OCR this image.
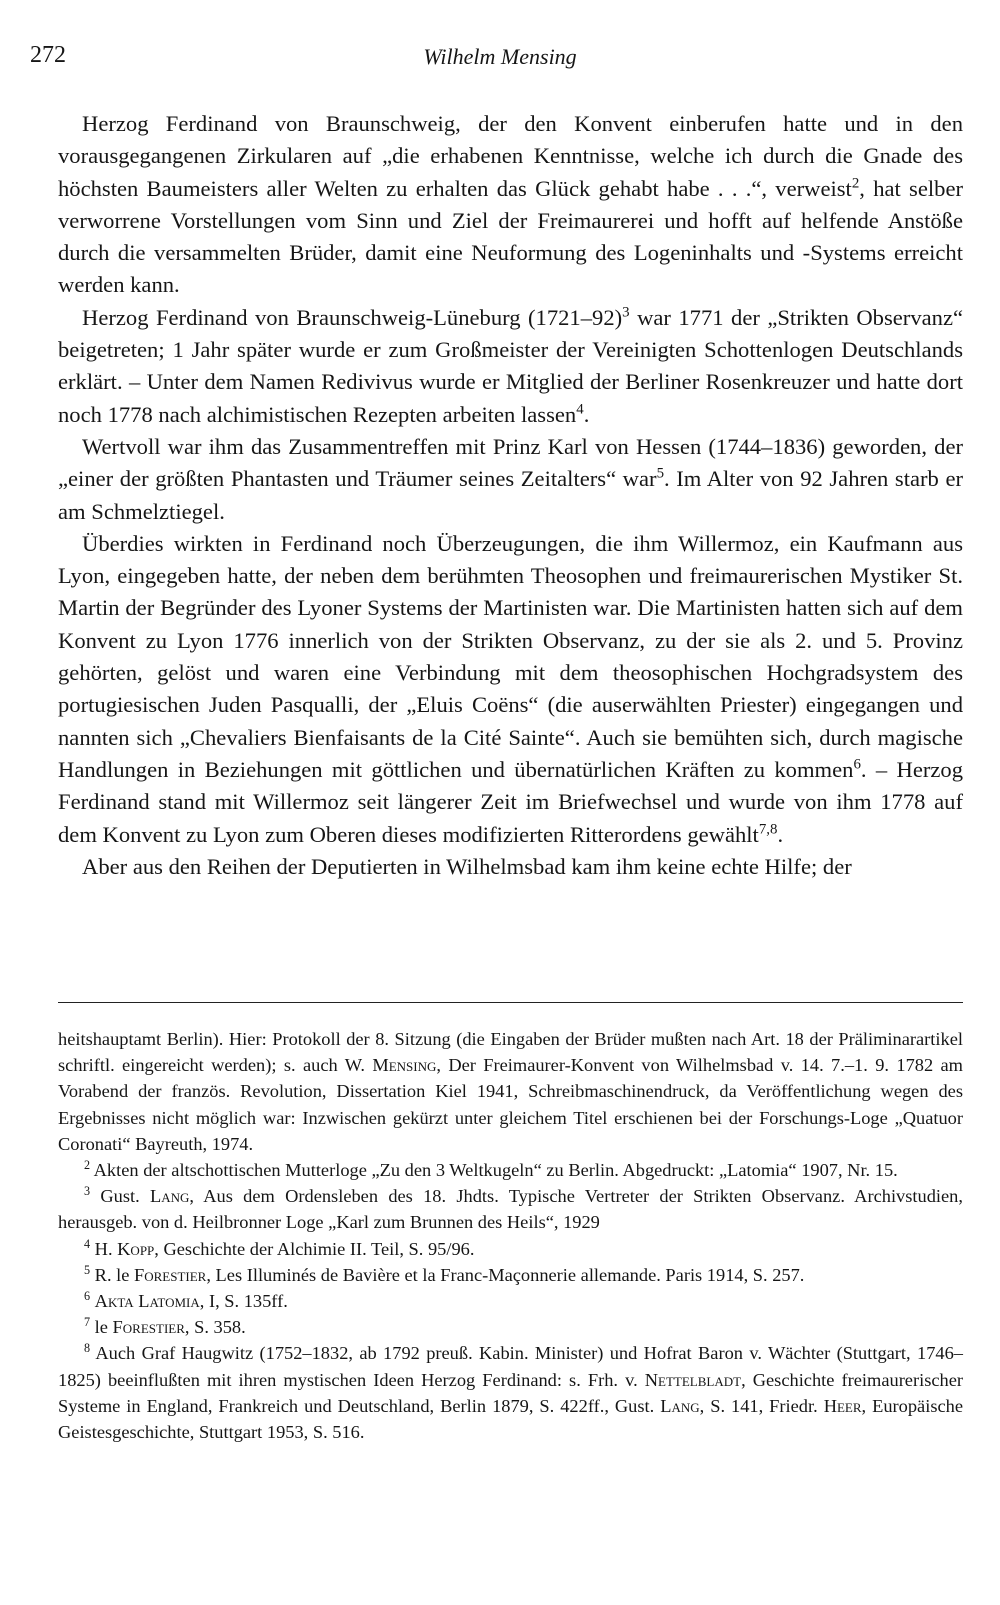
272	Wilhelm Mensing

Herzog Ferdinand von Braunschweig, der den Konvent einberufen hatte und in den vorausgegangenen Zirkularen auf „die erhabenen Kenntnisse, welche ich durch die Gnade des höchsten Baumeisters aller Welten zu erhalten das Glück gehabt habe . . .“, verweist$^2$, hat selber verworrene Vorstellungen vom Sinn und Ziel der Freimaurerei und hofft auf helfende Anstöße durch die versammelten Brüder, damit eine Neuformung des Logeninhalts und -Systems erreicht werden kann.

Herzog Ferdinand von Braunschweig-Lüneburg (1721–92)$^3$ war 1771 der „Strikten Observanz“ beigetreten; 1 Jahr später wurde er zum Großmeister der Vereinigten Schottenlogen Deutschlands erklärt. – Unter dem Namen Redivivus wurde er Mitglied der Berliner Rosenkreuzer und hatte dort noch 1778 nach alchimistischen Rezepten arbeiten lassen$^4$.

Wertvoll war ihm das Zusammentreffen mit Prinz Karl von Hessen (1744–1836) geworden, der „einer der größten Phantasten und Träumer seines Zeitalters“ war$^5$. Im Alter von 92 Jahren starb er am Schmelztiegel.

Überdies wirkten in Ferdinand noch Überzeugungen, die ihm Willermoz, ein Kaufmann aus Lyon, eingegeben hatte, der neben dem berühmten Theosophen und freimaurerischen Mystiker St. Martin der Begründer des Lyoner Systems der Martinisten war. Die Martinisten hatten sich auf dem Konvent zu Lyon 1776 innerlich von der Strikten Observanz, zu der sie als 2. und 5. Provinz gehörten, gelöst und waren eine Verbindung mit dem theosophischen Hochgradsystem des portugiesischen Juden Pasqualli, der „Eluis Coëns“ (die auserwählten Priester) eingegangen und nannten sich „Chevaliers Bienfaisants de la Cité Sainte“. Auch sie bemühten sich, durch magische Handlungen in Beziehungen mit göttlichen und übernatürlichen Kräften zu kommen$^6$. – Herzog Ferdinand stand mit Willermoz seit längerer Zeit im Briefwechsel und wurde von ihm 1778 auf dem Konvent zu Lyon zum Oberen dieses modifizierten Ritterordens gewählt$^{7,8}$.

Aber aus den Reihen der Deputierten in Wilhelmsbad kam ihm keine echte Hilfe; der

heitshauptamt Berlin). Hier: Protokoll der 8. Sitzung (die Eingaben der Brüder mußten nach Art. 18 der Präliminarartikel schriftl. eingereicht werden); s. auch W. Mensing, Der Freimaurer-Konvent von Wilhelmsbad v. 14. 7.–1. 9. 1782 am Vorabend der französ. Revolution, Dissertation Kiel 1941, Schreibmaschinendruck, da Veröffentlichung wegen des Ergebnisses nicht möglich war: Inzwischen gekürzt unter gleichem Titel erschienen bei der Forschungs-Loge „Quatuor Coronati“ Bayreuth, 1974.

$^2$ Akten der altschottischen Mutterloge „Zu den 3 Weltkugeln“ zu Berlin. Abgedruckt: „Latomia“ 1907, Nr. 15.

$^3$ Gust. Lang, Aus dem Ordensleben des 18. Jhdts. Typische Vertreter der Strikten Observanz. Archivstudien, herausgeb. von d. Heilbronner Loge „Karl zum Brunnen des Heils“, 1929

$^4$ H. Kopp, Geschichte der Alchimie II. Teil, S. 95/96.

$^5$ R. le Forestier, Les Illuminés de Bavière et la Franc-Maçonnerie allemande. Paris 1914, S. 257.

$^6$ Akta Latomia, I, S. 135ff.

$^7$ le Forestier, S. 358.

$^8$ Auch Graf Haugwitz (1752–1832, ab 1792 preuß. Kabin. Minister) und Hofrat Baron v. Wächter (Stuttgart, 1746–1825) beeinflußten mit ihren mystischen Ideen Herzog Ferdinand: s. Frh. v. Nettelbladt, Geschichte freimaurerischer Systeme in England, Frankreich und Deutschland, Berlin 1879, S. 422ff., Gust. Lang, S. 141, Friedr. Heer, Europäische Geistesgeschichte, Stuttgart 1953, S. 516.
